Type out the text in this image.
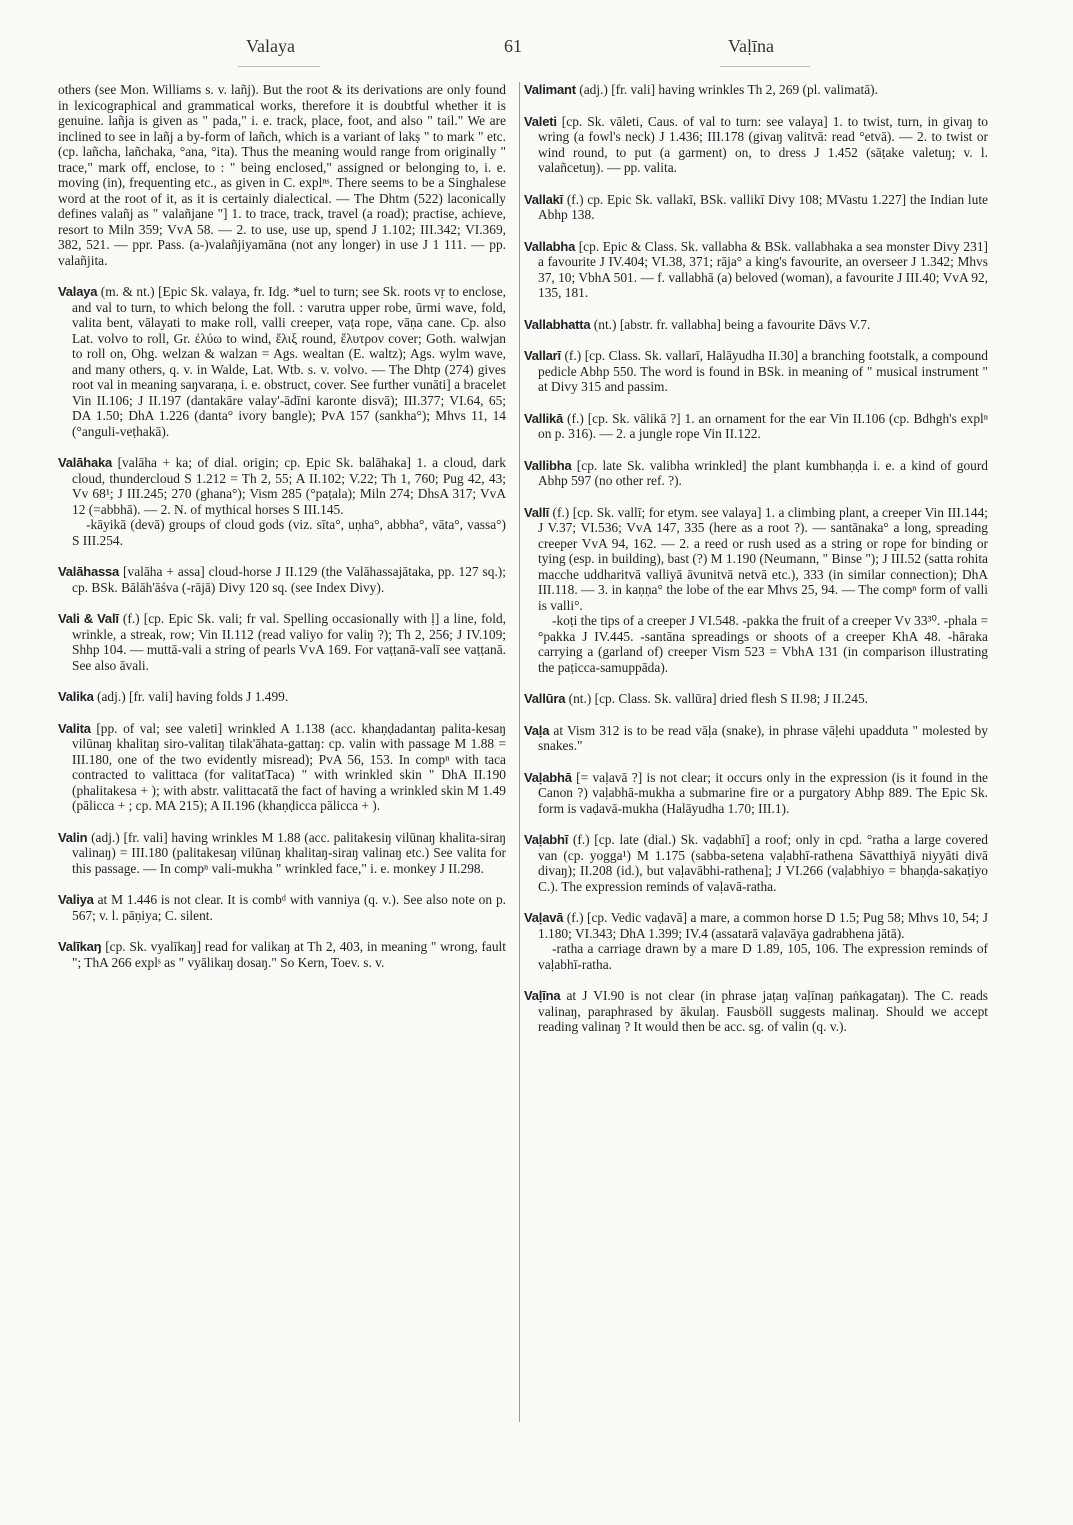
Valaya	61	Vaḷīna

others (see Mon. Williams s. v. lañj). But the root & its derivations are only found in lexicographical and grammatical works, therefore it is doubtful whether it is genuine. lañja is given as " pada," i. e. track, place, foot, and also " tail." We are inclined to see in lañj a by-form of lañch, which is a variant of lakṣ " to mark " etc. (cp. lañcha, lañchaka, °ana, °ita). Thus the meaning would range from originally " trace," mark off, enclose, to : " being enclosed," assigned or belonging to, i. e. moving (in), frequenting etc., as given in C. explⁿˢ. There seems to be a Singhalese word at the root of it, as it is certainly dialectical. — The Dhtm (522) laconically defines valañj as " valañjane "] 1. to trace, track, travel (a road); practise, achieve, resort to Miln 359; VvA 58. — 2. to use, use up, spend J 1.102; III.342; VI.369, 382, 521. — ppr. Pass. (a-)valañjiyamāna (not any longer) in use J 1 111. — pp. valañjita.

Valaya (m. & nt.) [Epic Sk. valaya, fr. Idg. *uel to turn; see Sk. roots vṛ to enclose, and val to turn, to which belong the foll. : varutra upper robe, ūrmi wave, fold, valita bent, vālayati to make roll, valli creeper, vaṭa rope, vāṇa cane. Cp. also Lat. volvo to roll, Gr. ἐλύω to wind, ἕλιξ round, ἔλυτρον cover; Goth. walwjan to roll on, Ohg. welzan & walzan = Ags. wealtan (E. waltz); Ags. wylm wave, and many others, q. v. in Walde, Lat. Wtb. s. v. volvo. — The Dhtp (274) gives root val in meaning saŋvaraṇa, i. e. obstruct, cover. See further vunāti] a bracelet Vin II.106; J II.197 (dantakāre valay'-ādīni karonte disvā); III.377; VI.64, 65; DA 1.50; DhA 1.226 (danta° ivory bangle); PvA 157 (sankha°); Mhvs 11, 14 (°anguli-veṭhakā).

Valāhaka [valāha + ka; of dial. origin; cp. Epic Sk. balāhaka] 1. a cloud, dark cloud, thundercloud S 1.212 = Th 2, 55; A II.102; V.22; Th 1, 760; Pug 42, 43; Vv 68¹; J III.245; 270 (ghana°); Vism 285 (°paṭala); Miln 274; DhsA 317; VvA 12 (=abbhā). — 2. N. of mythical horses S III.145.

-kāyikā (devā) groups of cloud gods (viz. sīta°, uṇha°, abbha°, vāta°, vassa°) S III.254.

Valāhassa [valāha + assa] cloud-horse J II.129 (the Valāhassajātaka, pp. 127 sq.); cp. BSk. Bālāh'āśva (-rājā) Divy 120 sq. (see Index Divy).

Vali & Valī (f.) [cp. Epic Sk. vali; fr val. Spelling occasionally with ḷ] a line, fold, wrinkle, a streak, row; Vin II.112 (read valiyo for valiŋ ?); Th 2, 256; J IV.109; Shhp 104. — muttā-vali a string of pearls VvA 169. For vaṭṭanā-valī see vaṭṭanā. See also āvali.

Valika (adj.) [fr. vali] having folds J 1.499.

Valita [pp. of val; see valeti] wrinkled A 1.138 (acc. khaṇḍadantaŋ palita-kesaŋ vilūnaŋ khalitaŋ siro-valitaŋ tilak'āhata-gattaŋ: cp. valin with passage M 1.88 = III.180, one of the two evidently misread); PvA 56, 153. In compⁿ with taca contracted to valittaca (for valitatTaca) " with wrinkled skin " DhA II.190 (phalitakesa + ); with abstr. valittacatā the fact of having a wrinkled skin M 1.49 (pālicca + ; cp. MA 215); A II.196 (khaṇḍicca pālicca + ).

Valin (adj.) [fr. vali] having wrinkles M 1.88 (acc. palitakesiŋ vilūnaŋ khalita-siraŋ valinaŋ) = III.180 (palitakesaŋ vilūnaŋ khalitaŋ-siraŋ valinaŋ etc.) See valita for this passage. — In compⁿ vali-mukha " wrinkled face," i. e. monkey J II.298.

Valiya at M 1.446 is not clear. It is combᵈ with vanniya (q. v.). See also note on p. 567; v. l. pāṇiya; C. silent.

Valīkaŋ [cp. Sk. vyalīkaŋ] read for valikaŋ at Th 2, 403, in meaning " wrong, fault "; ThA 266 explˢ as " vyālikaŋ dosaŋ." So Kern, Toev. s. v.

Valimant (adj.) [fr. vali] having wrinkles Th 2, 269 (pl. valimatā).

Valeti [cp. Sk. vāleti, Caus. of val to turn: see valaya] 1. to twist, turn, in givaŋ to wring (a fowl's neck) J 1.436; III.178 (givaŋ valitvā: read °etvā). — 2. to twist or wind round, to put (a garment) on, to dress J 1.452 (sāṭake valetuŋ; v. l. valañcetuŋ). — pp. valita.

Vallakī (f.) cp. Epic Sk. vallakī, BSk. vallikī Divy 108; MVastu 1.227] the Indian lute Abhp 138.

Vallabha [cp. Epic & Class. Sk. vallabha & BSk. vallabhaka a sea monster Divy 231] a favourite J IV.404; VI.38, 371; rāja° a king's favourite, an overseer J 1.342; Mhvs 37, 10; VbhA 501. — f. vallabhā (a) beloved (woman), a favourite J III.40; VvA 92, 135, 181.

Vallabhatta (nt.) [abstr. fr. vallabha] being a favourite Dāvs V.7.

Vallarī (f.) [cp. Class. Sk. vallarī, Halāyudha II.30] a branching footstalk, a compound pedicle Abhp 550. The word is found in BSk. in meaning of " musical instrument " at Divy 315 and passim.

Vallikā (f.) [cp. Sk. vālikā ?] 1. an ornament for the ear Vin II.106 (cp. Bdhgh's explⁿ on p. 316). — 2. a jungle rope Vin II.122.

Vallibha [cp. late Sk. valibha wrinkled] the plant kumbhaṇḍa i. e. a kind of gourd Abhp 597 (no other ref. ?).

Vallī (f.) [cp. Sk. vallī; for etym. see valaya] 1. a climbing plant, a creeper Vin III.144; J V.37; VI.536; VvA 147, 335 (here as a root ?). — santānaka° a long, spreading creeper VvA 94, 162. — 2. a reed or rush used as a string or rope for binding or tying (esp. in building), bast (?) M 1.190 (Neumann, " Binse "); J III.52 (satta rohita macche uddharitvā valliyā āvunitvā netvā etc.), 333 (in similar connection); DhA III.118. — 3. in kaṇṇa° the lobe of the ear Mhvs 25, 94. — The compⁿ form of valli is valli°.

-koṭi the tips of a creeper J VI.548. -pakka the fruit of a creeper Vv 33³⁰. -phala = °pakka J IV.445. -santāna spreadings or shoots of a creeper KhA 48. -hāraka carrying a (garland of) creeper Vism 523 = VbhA 131 (in comparison illustrating the paṭicca-samuppāda).

Vallūra (nt.) [cp. Class. Sk. vallūra] dried flesh S II.98; J II.245.

Vaḷa at Vism 312 is to be read vāḷa (snake), in phrase vāḷehi upadduta " molested by snakes."

Vaḷabhā [= vaḷavā ?] is not clear; it occurs only in the expression (is it found in the Canon ?) vaḷabhā-mukha a submarine fire or a purgatory Abhp 889. The Epic Sk. form is vaḍavā-mukha (Halāyudha 1.70; III.1).

Vaḷabhī (f.) [cp. late (dial.) Sk. vaḍabhī] a roof; only in cpd. °ratha a large covered van (cp. yogga¹) M 1.175 (sabba-setena vaḷabhī-rathena Sāvatthiyā niyyāti divā divaŋ); II.208 (id.), but vaḷavābhi-rathena]; J VI.266 (vaḷabhiyo = bhaṇḍa-sakaṭiyo C.). The expression reminds of vaḷavā-ratha.

Vaḷavā (f.) [cp. Vedic vaḍavā] a mare, a common horse D 1.5; Pug 58; Mhvs 10, 54; J 1.180; VI.343; DhA 1.399; IV.4 (assatarā vaḷavāya gadrabhena jātā).

-ratha a carriage drawn by a mare D 1.89, 105, 106. The expression reminds of vaḷabhī-ratha.

Vaḷīna at J VI.90 is not clear (in phrase jaṭaŋ vaḷīnaŋ paṅkagataŋ). The C. reads valinaŋ, paraphrased by ākulaŋ. Fausböll suggests malinaŋ. Should we accept reading valinaŋ ? It would then be acc. sg. of valin (q. v.).
